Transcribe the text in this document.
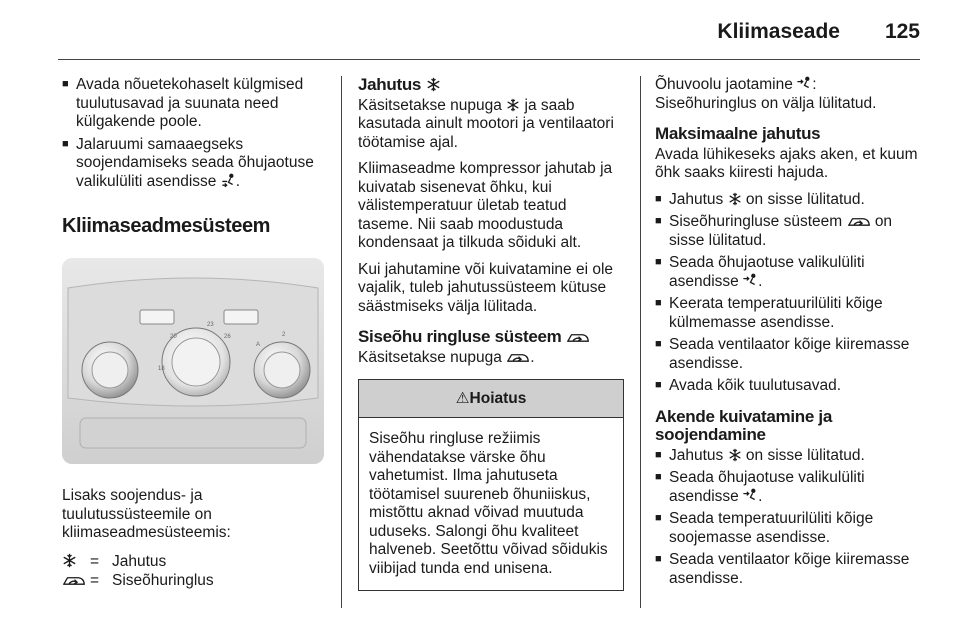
Kliimaseade 125
■ Avada nõuetekohaselt külgmised tuulutusavad ja suunata need külgakende poole.
■ Jalaruumi samaaegseks soojendamiseks seada õhujaotuse valikulüliti asendisse .
Kliimaseadmesüsteem
23
20	26
18
A
2

Lisaks soojendus- ja tuulutussüsteemile on kliimaseadmesüsteemis:

= Jahutus
= Siseõhuringlus
Jahutus

Käsitsetakse nupuga ja saab kasutada ainult mootori ja ventilaatori töötamise ajal.

Kliimaseadme kompressor jahutab ja kuivatab sisenevat õhku, kui välistemperatuur ületab teatud taseme. Nii saab moodustuda kondensaat ja tilkuda sõiduki alt.

Kui jahutamine või kuivatamine ei ole vajalik, tuleb jahutussüsteem kütuse säästmiseks välja lülitada.

Siseõhu ringluse süsteem

Käsitsetakse nupuga .

⚠Hoiatus
Siseõhu ringluse režiimis vähendatakse värske õhu vahetumist. Ilma jahutuseta töötamisel suureneb õhuniiskus, mistõttu aknad võivad muutuda uduseks. Salongi õhu kvaliteet halveneb. Seetõttu võivad sõidukis viibijad tunda end unisena.

Õhuvoolu jaotamine :

Siseõhuringlus on välja lülitatud.

Maksimaalne jahutus

Avada lühikeseks ajaks aken, et kuum õhk saaks kiiresti hajuda.

■ Jahutus on sisse lülitatud.
■ Siseõhuringluse süsteem on sisse lülitatud.
■ Seada õhujaotuse valikulüliti asendisse .
■ Keerata temperatuurilüliti kõige külmemasse asendisse.
■ Seada ventilaator kõige kiiremasse asendisse.
■ Avada kõik tuulutusavad.
Akende kuivatamine ja soojendamine
■ Jahutus on sisse lülitatud.
■ Seada õhujaotuse valikulüliti asendisse .
■ Seada temperatuurilüliti kõige soojemasse asendisse.
■ Seada ventilaator kõige kiiremasse asendisse.
